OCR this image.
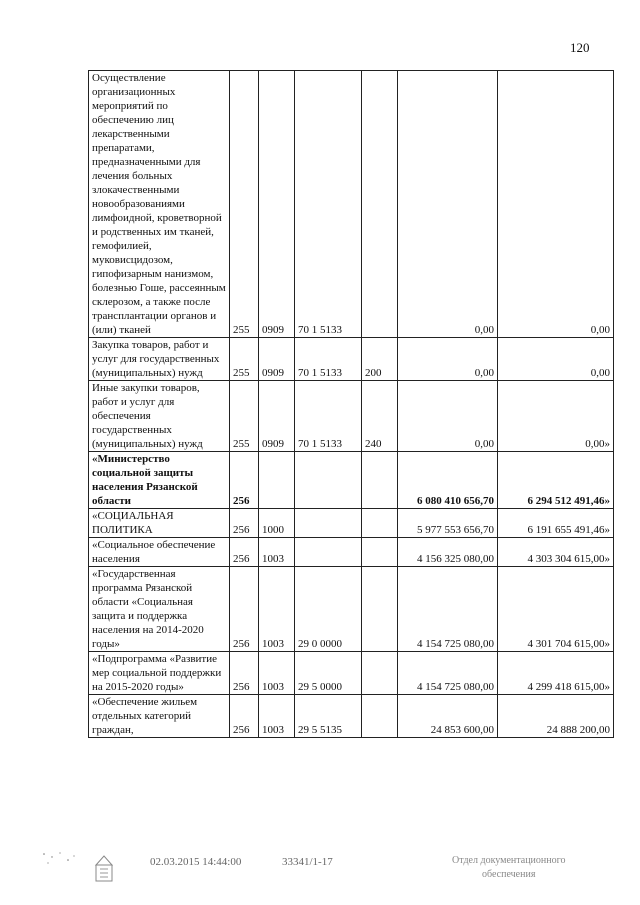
120
Осуществление организационных мероприятий по обеспечению лиц лекарственными препаратами, предназначенными для лечения больных злокачественными новообразованиями лимфоидной, кроветворной и родственных им тканей, гемофилией, муковисцидозом, гипофизарным нанизмом, болезнью Гоше, рассеянным склерозом, а также после трансплантации органов и (или) тканей	255	0909	70 1 5133		0,00	0,00
Закупка товаров, работ и услуг для государственных (муниципальных) нужд	255	0909	70 1 5133	200	0,00	0,00
Иные закупки товаров, работ и услуг для обеспечения государственных (муниципальных) нужд	255	0909	70 1 5133	240	0,00	0,00»
«Министерство социальной защиты населения Рязанской области	256				6 080 410 656,70	6 294 512 491,46»
«СОЦИАЛЬНАЯ ПОЛИТИКА	256	1000			5 977 553 656,70	6 191 655 491,46»
«Социальное обеспечение населения	256	1003			4 156 325 080,00	4 303 304 615,00»
«Государственная программа Рязанской области «Социальная защита и поддержка населения на 2014-2020 годы»	256	1003	29 0 0000		4 154 725 080,00	4 301 704 615,00»
«Подпрограмма «Развитие мер социальной поддержки на 2015-2020 годы»	256	1003	29 5 0000		4 154 725 080,00	4 299 418 615,00»
«Обеспечение жильем отдельных категорий граждан,	256	1003	29 5 5135		24 853 600,00	24 888 200,00
02.03.2015 14:44:00	33341/1-17	Отдел документационного
обеспечения
